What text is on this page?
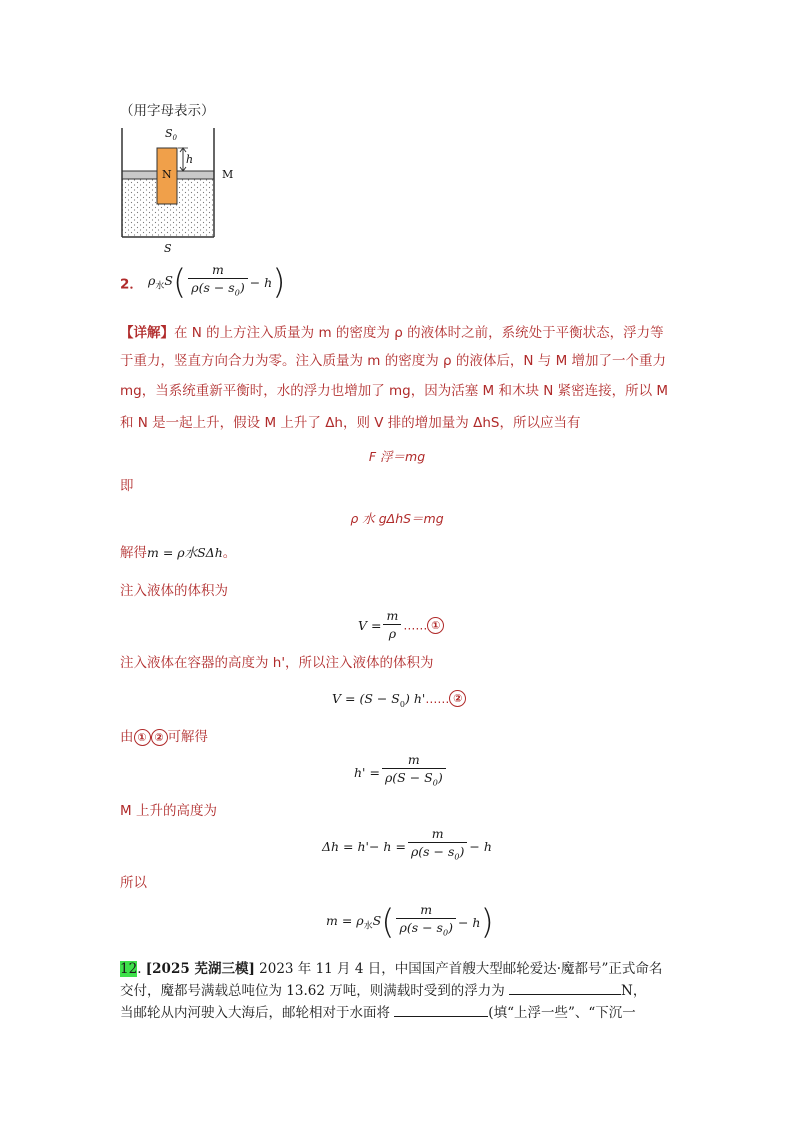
（用字母表示）
$S_0$
h
N	M
S
2． $\rho_水S( \frac{m}{\rho(s - s_0)} - h)$
【详解】在 N 的上方注入质量为 m 的密度为 ρ 的液体时之前，系统处于平衡状态，浮力等
于重力，竖直方向合力为零。注入质量为 m 的密度为 ρ 的液体后，N 与 M 增加了一个重力
mg，当系统重新平衡时，水的浮力也增加了 mg，因为活塞 M 和木块 N 紧密连接，所以 M
和 N 是一起上升，假设 M 上升了 Δh，则 V 排的增加量为 ΔhS，所以应当有
F 浮＝mg
即
ρ 水 gΔhS＝mg
解得m = ρ水SΔh。
注入液体的体积为
$V = \frac{m}{\rho}$ …… ①
注入液体在容器的高度为 h'，所以注入液体的体积为
$V = (S - S_0)$ h'…… ②
由 ① ② 可解得
$h' = \frac{m}{\rho(S - S_0)}$
M 上升的高度为
$\Delta h = h'- h = \frac{m}{\rho(s - s_0)} - h$
所以
$m = \rho_水S( \frac{m}{\rho(s - s_0)} - h)$
12. [2025 芜湖三模] 2023 年 11 月 4 日，中国国产首艘大型邮轮爱达·魔都号”正式命名
交付，魔都号满载总吨位为 13.62 万吨，则满载时受到的浮力为	N，
当邮轮从内河驶入大海后，邮轮相对于水面将	(填“上浮一些”、“下沉一
